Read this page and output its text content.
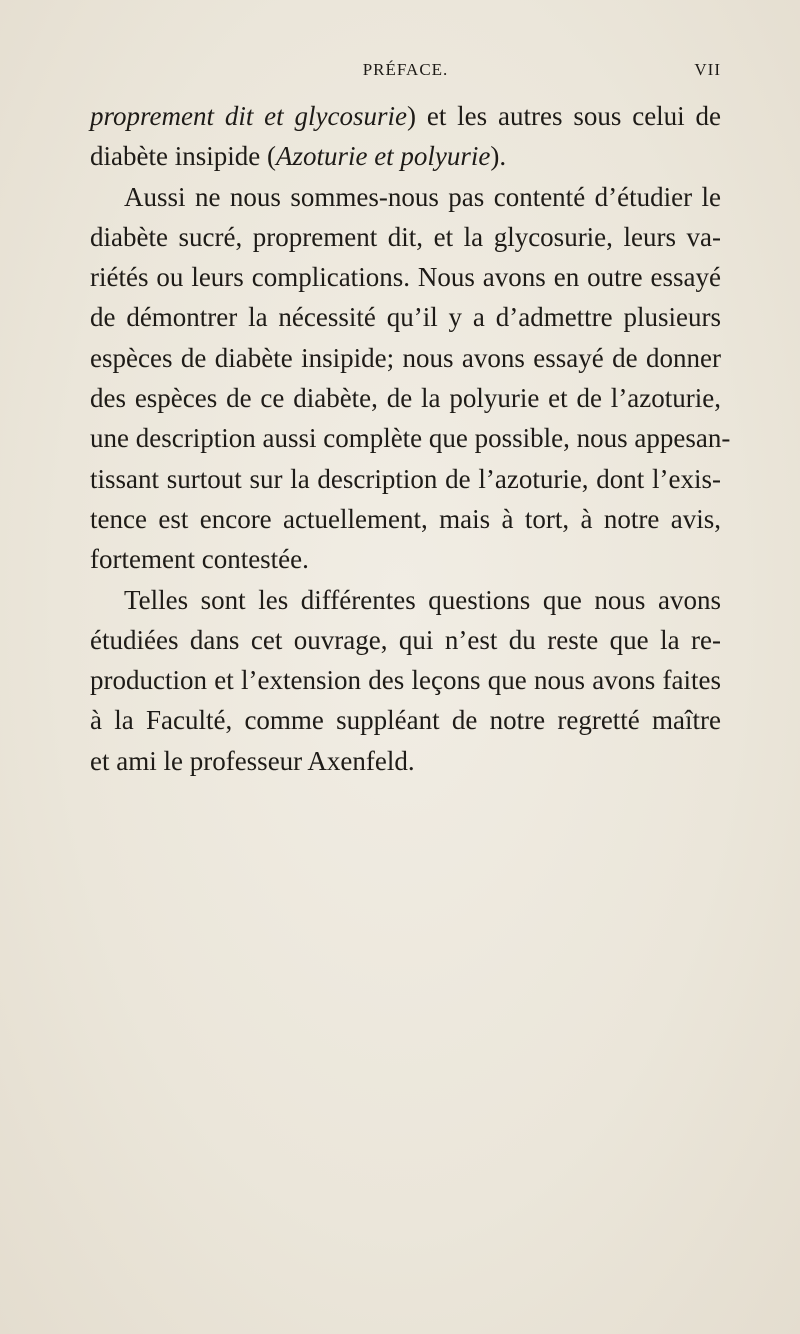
PRÉFACE.	VII

proprement dit et glycosurie) et les autres sous celui de
diabète insipide (Azoturie et polyurie).

Aussi ne nous sommes-nous pas contenté d’étudier le
diabète sucré, proprement dit, et la glycosurie, leurs va-
riétés ou leurs complications. Nous avons en outre essayé
de démontrer la nécessité qu’il y a d’admettre plusieurs
espèces de diabète insipide; nous avons essayé de donner
des espèces de ce diabète, de la polyurie et de l’azoturie,
une description aussi complète que possible, nous appesan-
tissant surtout sur la description de l’azoturie, dont l’exis-
tence est encore actuellement, mais à tort, à notre avis,
fortement contestée.

Telles sont les différentes questions que nous avons
étudiées dans cet ouvrage, qui n’est du reste que la re-
production et l’extension des leçons que nous avons faites
à la Faculté, comme suppléant de notre regretté maître
et ami le professeur Axenfeld.
